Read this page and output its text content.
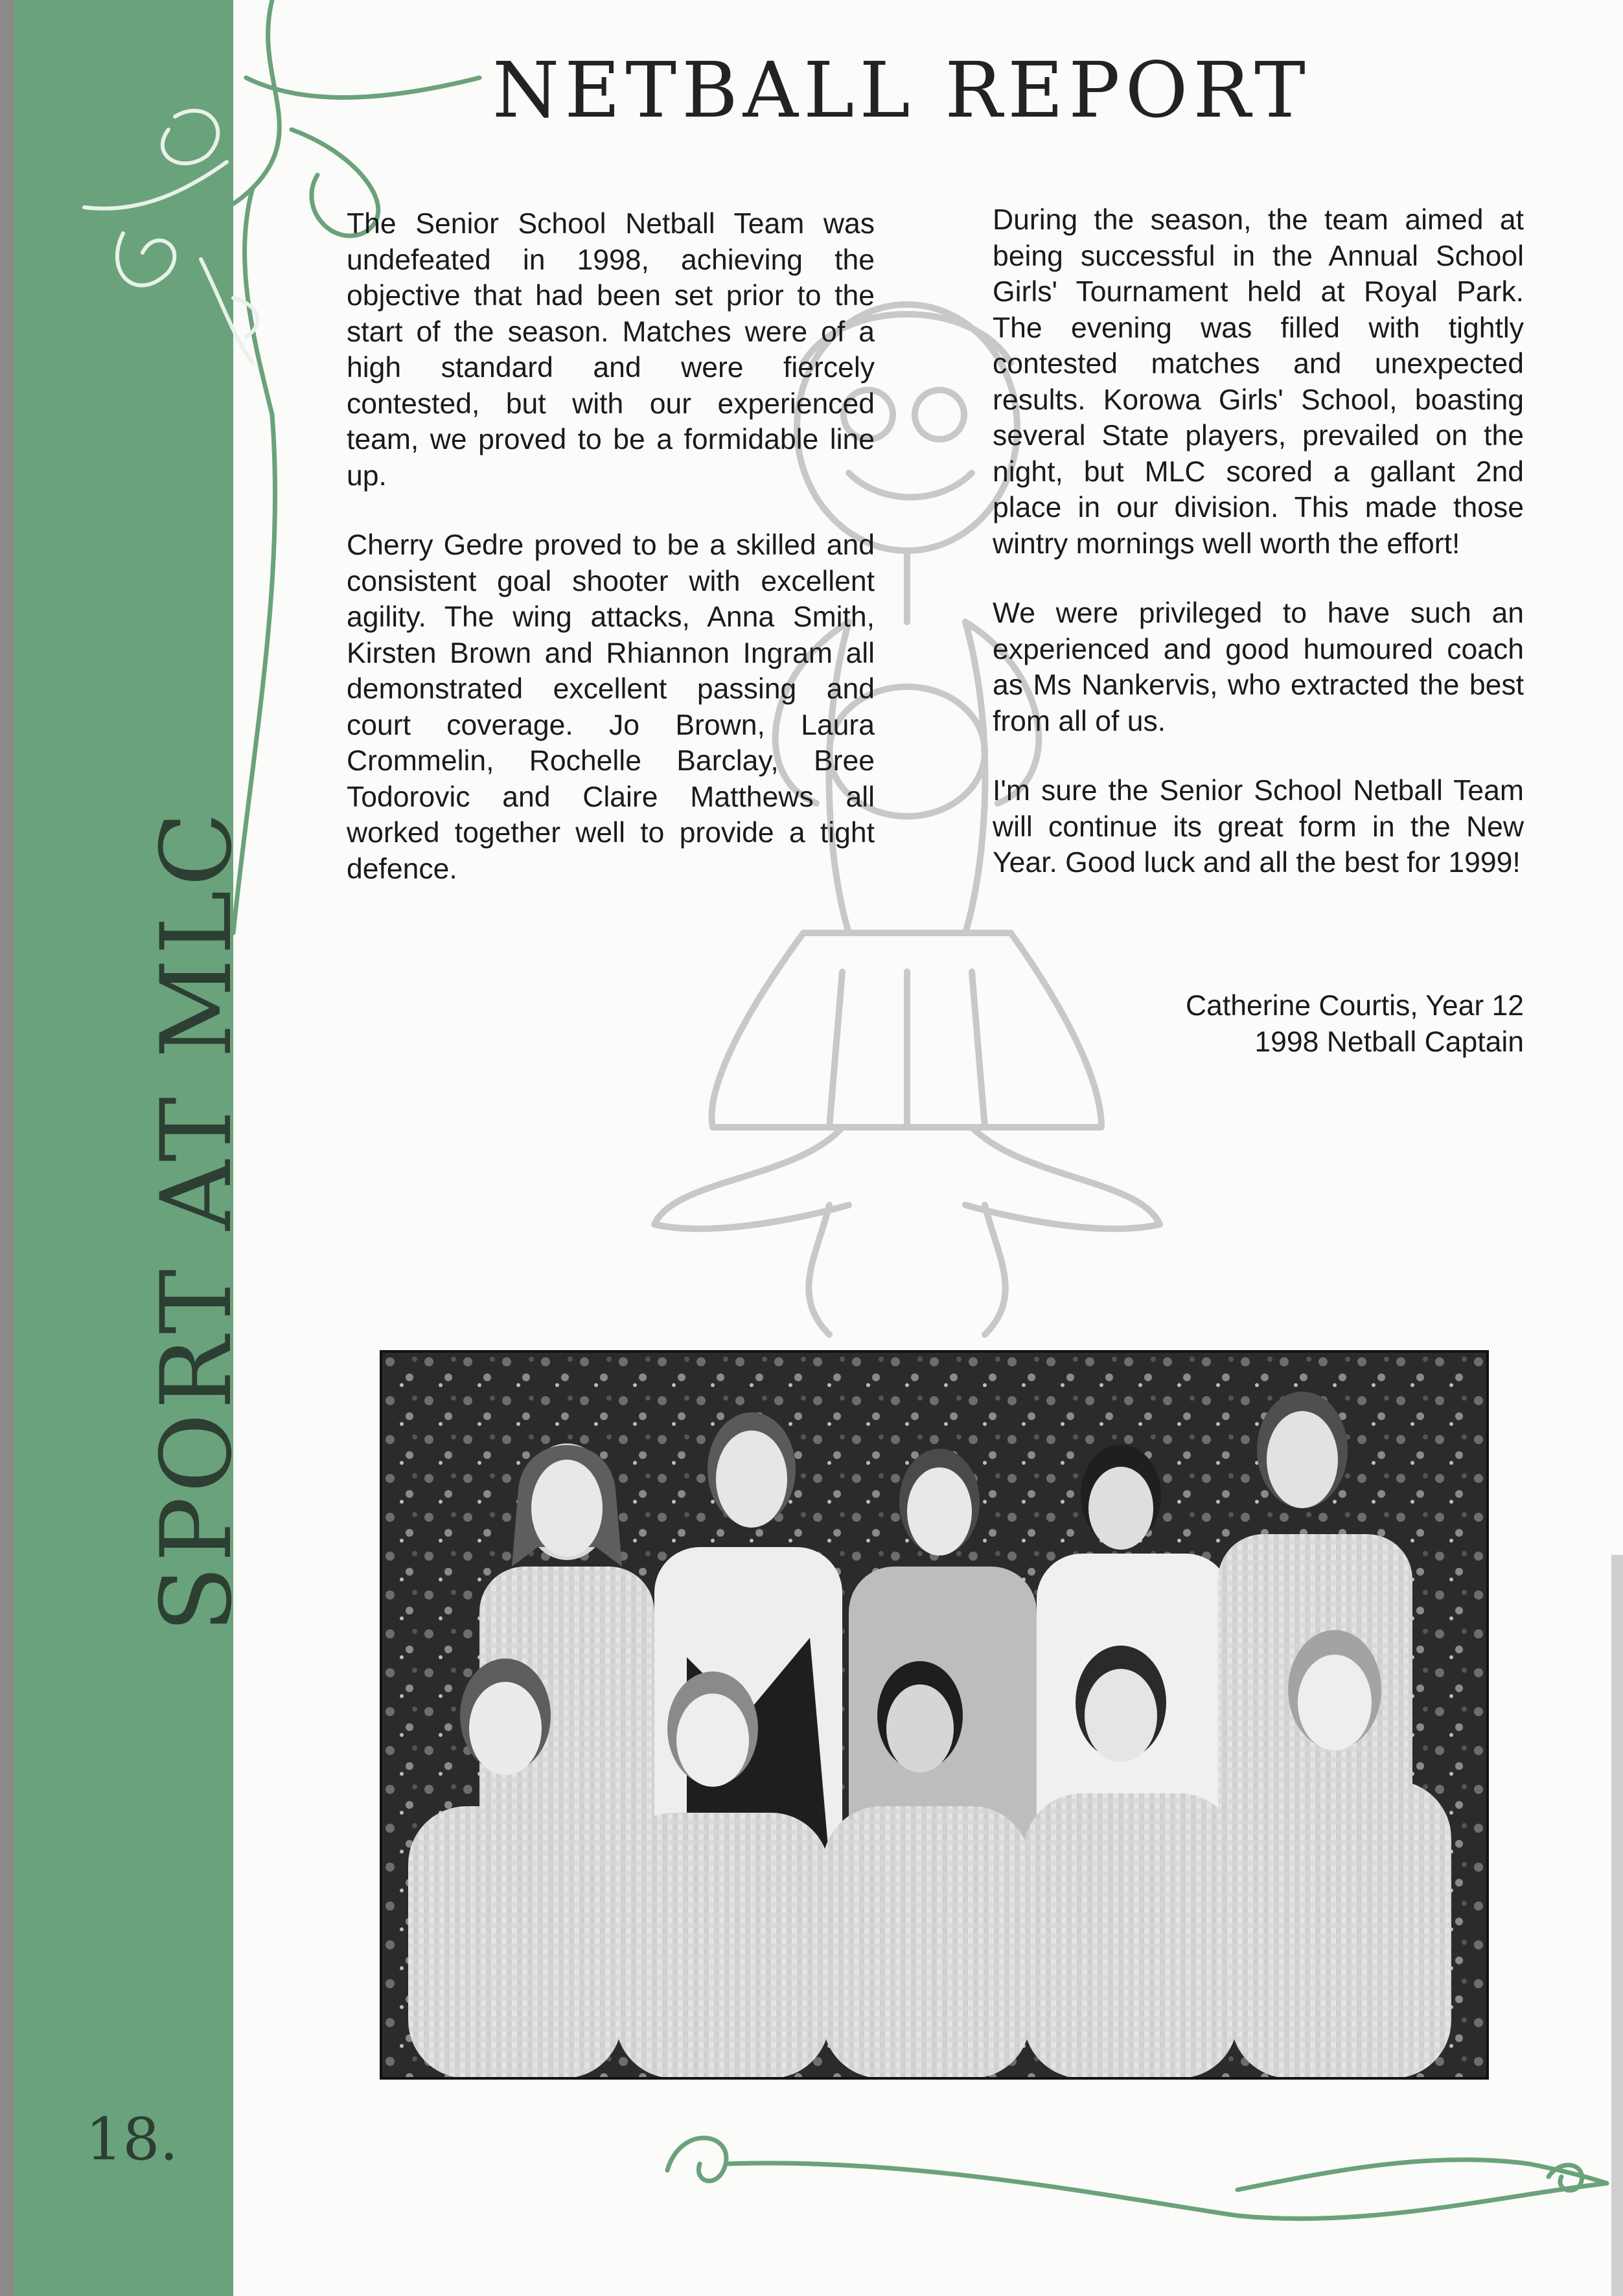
SPORT AT MLC
18.
NETBALL REPORT

The Senior School Netball Team was undefeated in 1998, achieving the objective that had been set prior to the start of the season. Matches were of a high standard and were fiercely contested, but with our experienced team, we proved to be a formidable line up.

Cherry Gedre proved to be a skilled and consistent goal shooter with excellent agility. The wing attacks, Anna Smith, Kirsten Brown and Rhiannon Ingram all demonstrated excellent passing and court coverage. Jo Brown, Laura Crommelin, Rochelle Barclay, Bree Todorovic and Claire Matthews all worked together well to provide a tight defence.

During the season, the team aimed at being successful in the Annual School Girls' Tournament held at Royal Park. The evening was filled with tightly contested matches and unexpected results. Korowa Girls' School, boasting several State players, prevailed on the night, but MLC scored a gallant 2nd place in our division. This made those wintry mornings well worth the effort!

We were privileged to have such an experienced and good humoured coach as Ms Nankervis, who extracted the best from all of us.

I'm sure the Senior School Netball Team will continue its great form in the New Year. Good luck and all the best for 1999!

Catherine Courtis, Year 12
1998 Netball Captain
